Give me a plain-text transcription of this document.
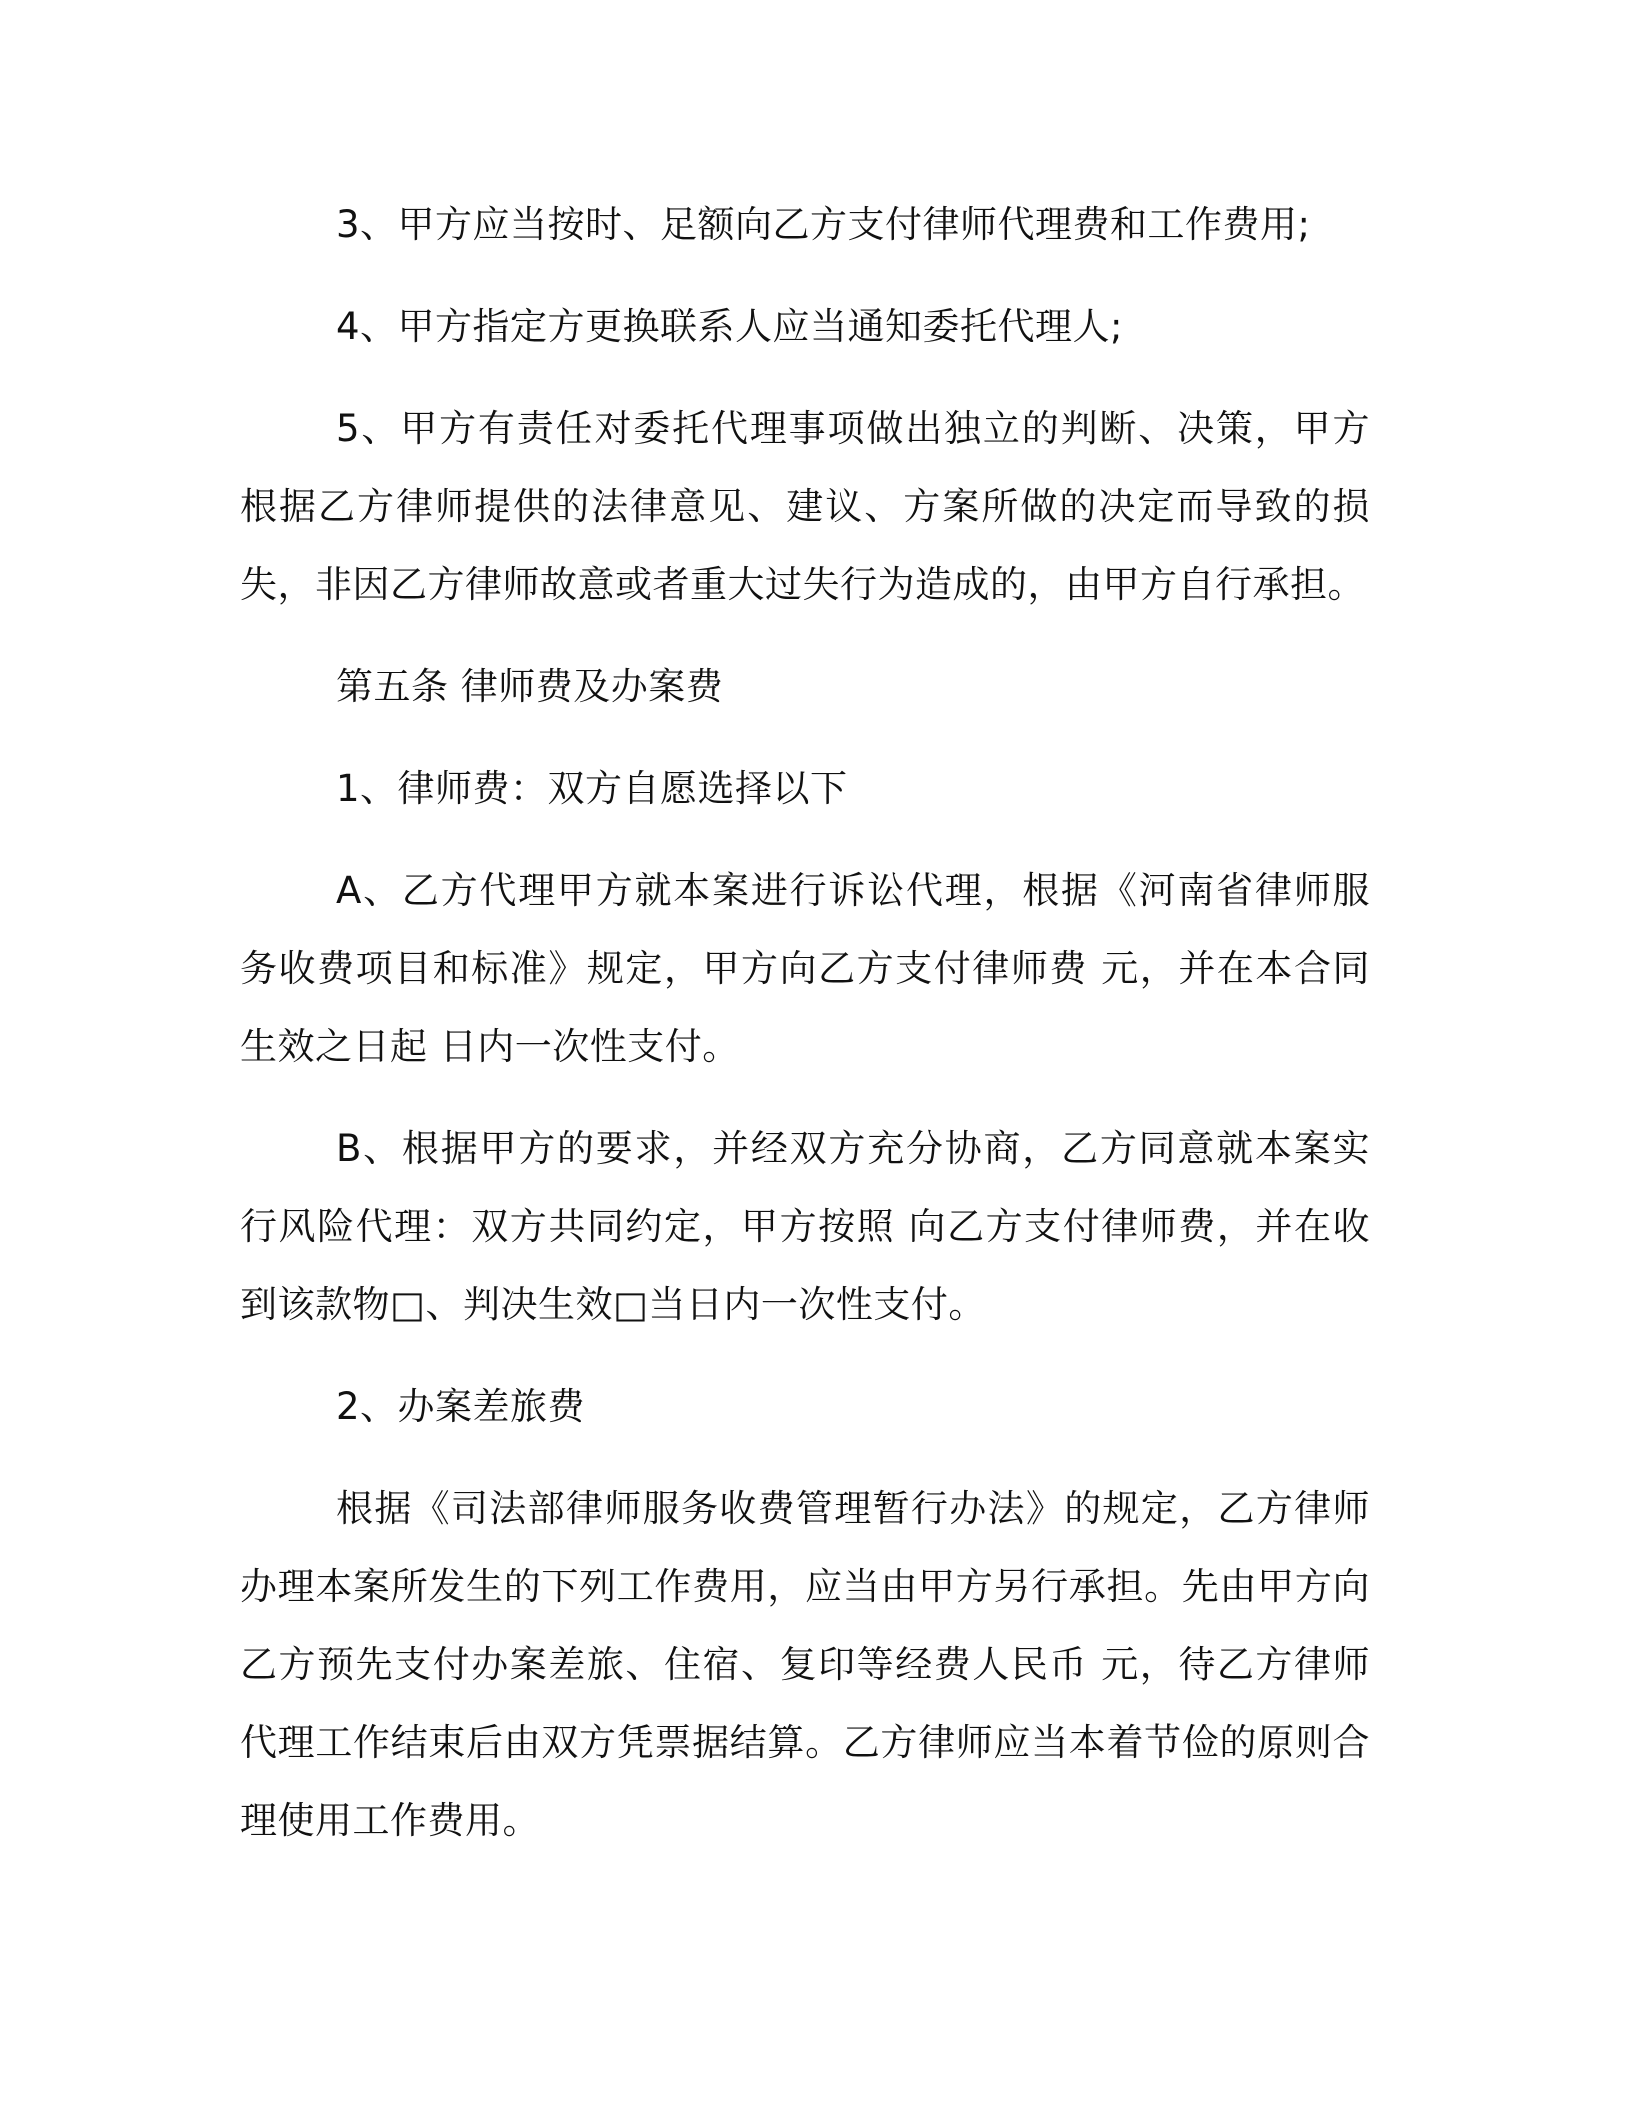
3、甲方应当按时、足额向乙方支付律师代理费和工作费用;

4、甲方指定方更换联系人应当通知委托代理人;

5、甲方有责任对委托代理事项做出独立的判断、决策，甲方根据乙方律师提供的法律意见、建议、方案所做的决定而导致的损失，非因乙方律师故意或者重大过失行为造成的，由甲方自行承担。

第五条 律师费及办案费

1、律师费：双方自愿选择以下

A、乙方代理甲方就本案进行诉讼代理，根据《河南省律师服务收费项目和标准》规定，甲方向乙方支付律师费 元，并在本合同生效之日起 日内一次性支付。

B、根据甲方的要求，并经双方充分协商，乙方同意就本案实行风险代理：双方共同约定，甲方按照 向乙方支付律师费，并在收到该款物□、判决生效□当日内一次性支付。

2、办案差旅费

根据《司法部律师服务收费管理暂行办法》的规定，乙方律师办理本案所发生的下列工作费用，应当由甲方另行承担。先由甲方向乙方预先支付办案差旅、住宿、复印等经费人民币 元，待乙方律师代理工作结束后由双方凭票据结算。乙方律师应当本着节俭的原则合理使用工作费用。
